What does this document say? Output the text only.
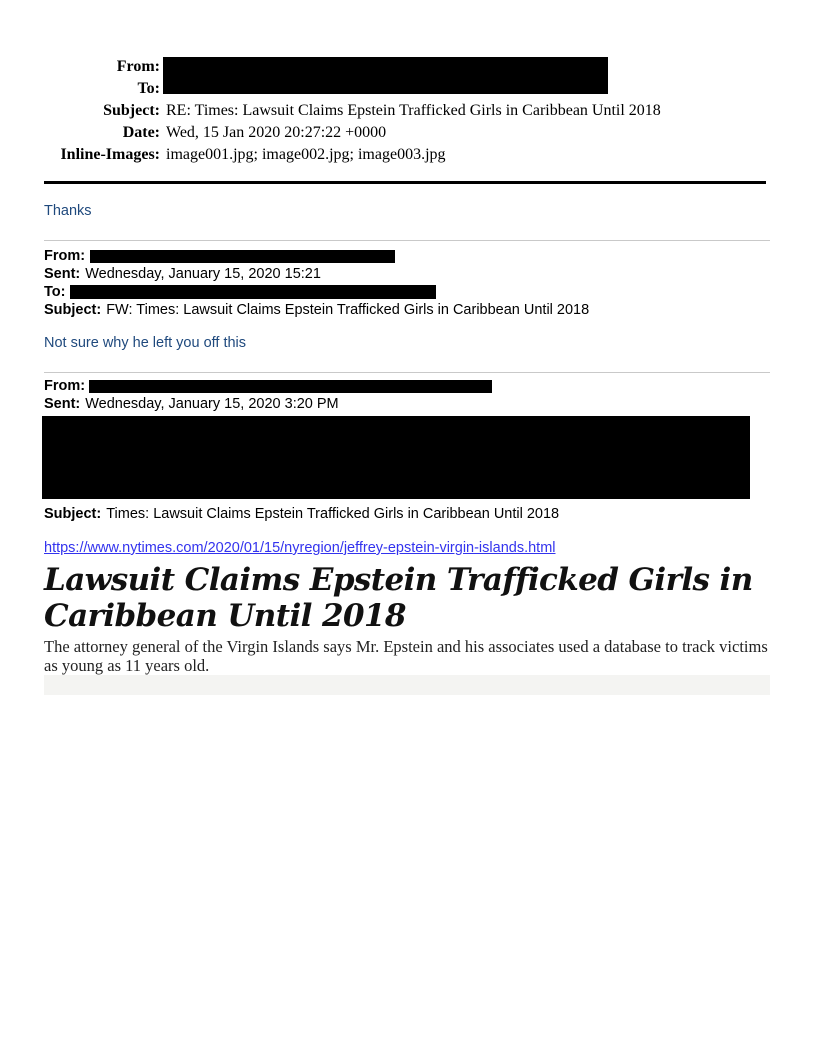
From:
To:
Subject: RE: Times: Lawsuit Claims Epstein Trafficked Girls in Caribbean Until 2018
Date: Wed, 15 Jan 2020 20:27:22 +0000
Inline-Images: image001.jpg; image002.jpg; image003.jpg
Thanks
From:
Sent: Wednesday, January 15, 2020 15:21
To:
Subject: FW: Times: Lawsuit Claims Epstein Trafficked Girls in Caribbean Until 2018
Not sure why he left you off this
From:
Sent: Wednesday, January 15, 2020 3:20 PM
Subject: Times: Lawsuit Claims Epstein Trafficked Girls in Caribbean Until 2018
https://www.nytimes.com/2020/01/15/nyregion/jeffrey-epstein-virgin-islands.html
Lawsuit Claims Epstein Trafficked Girls in
Caribbean Until 2018
The attorney general of the Virgin Islands says Mr. Epstein and his associates used a database to track victims as young as 11 years old.
